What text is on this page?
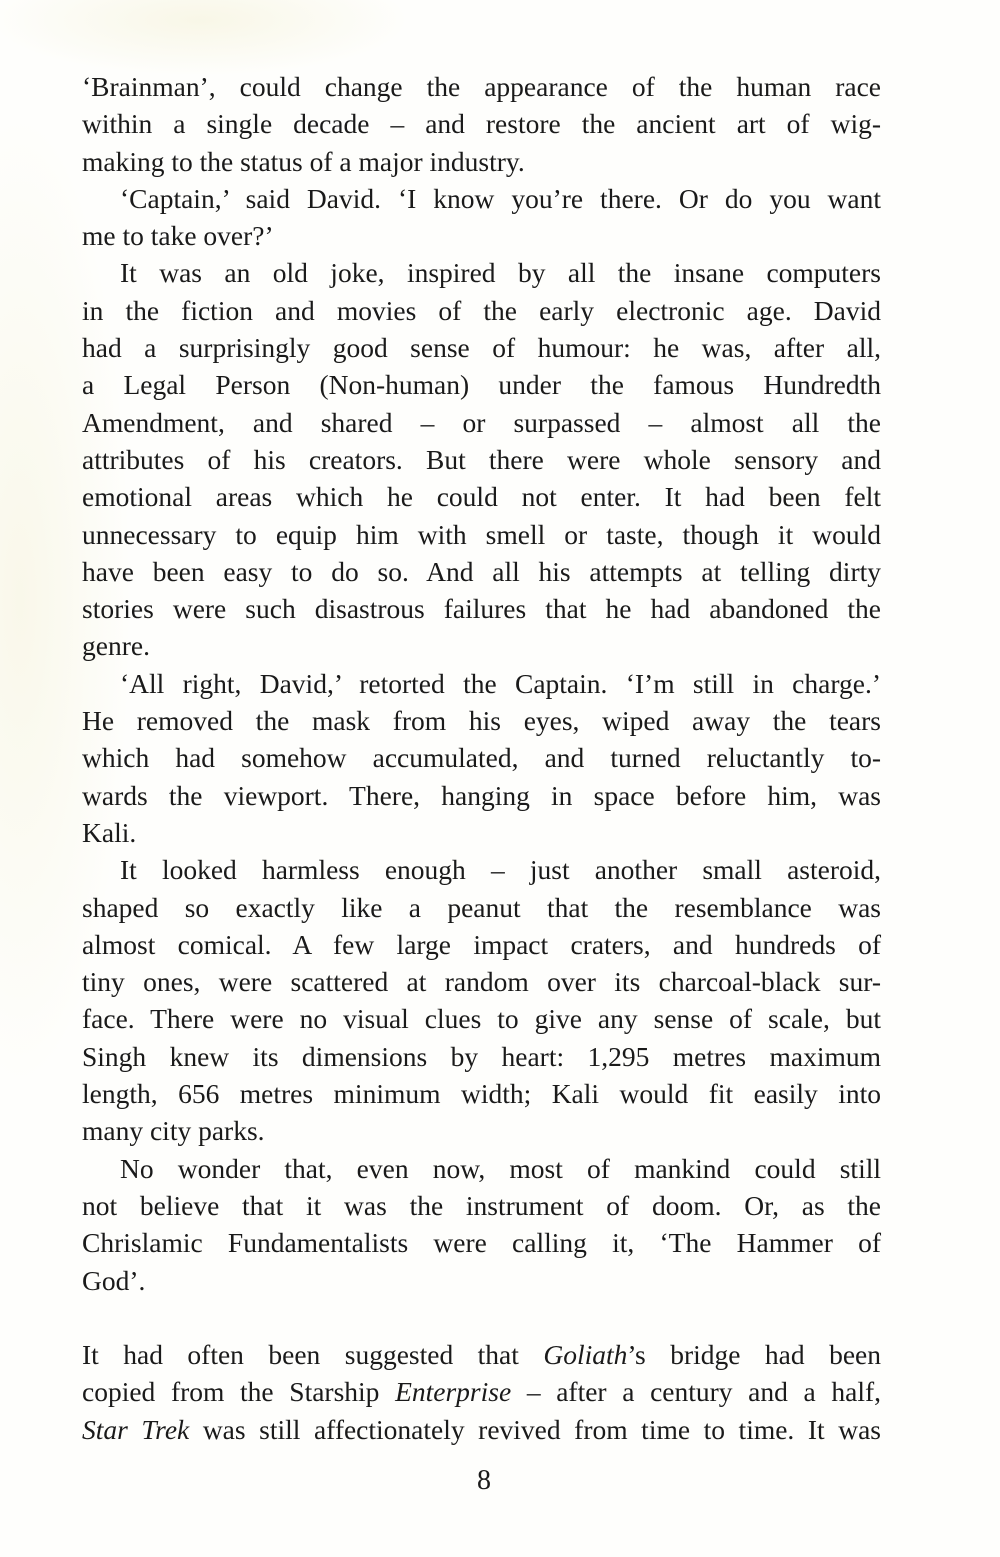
‘Brainman’, could change the appearance of the human race
within a single decade – and restore the ancient art of wig-
making to the status of a major industry.
‘Captain,’ said David. ‘I know you’re there. Or do you want
me to take over?’
It was an old joke, inspired by all the insane computers
in the fiction and movies of the early electronic age. David
had a surprisingly good sense of humour: he was, after all,
a Legal Person (Non-human) under the famous Hundredth
Amendment, and shared – or surpassed – almost all the
attributes of his creators. But there were whole sensory and
emotional areas which he could not enter. It had been felt
unnecessary to equip him with smell or taste, though it would
have been easy to do so. And all his attempts at telling dirty
stories were such disastrous failures that he had abandoned the
genre.
‘All right, David,’ retorted the Captain. ‘I’m still in charge.’
He removed the mask from his eyes, wiped away the tears
which had somehow accumulated, and turned reluctantly to-
wards the viewport. There, hanging in space before him, was
Kali.
It looked harmless enough – just another small asteroid,
shaped so exactly like a peanut that the resemblance was
almost comical. A few large impact craters, and hundreds of
tiny ones, were scattered at random over its charcoal-black sur-
face. There were no visual clues to give any sense of scale, but
Singh knew its dimensions by heart: 1,295 metres maximum
length, 656 metres minimum width; Kali would fit easily into
many city parks.
No wonder that, even now, most of mankind could still
not believe that it was the instrument of doom. Or, as the
Chrislamic Fundamentalists were calling it, ‘The Hammer of
God’.
It had often been suggested that Goliath’s bridge had been
copied from the Starship Enterprise – after a century and a half,
Star Trek was still affectionately revived from time to time. It was
8
